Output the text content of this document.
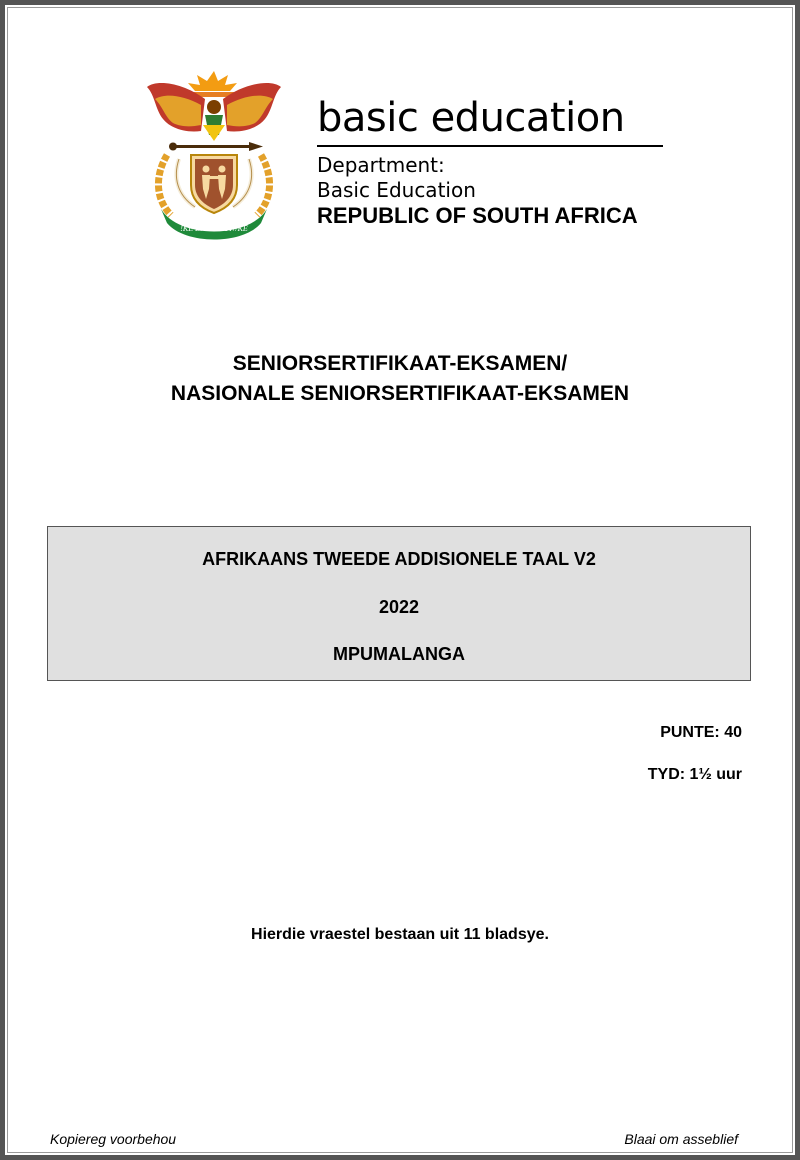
!KE E: /XARRA //KE
basic education
Department:
Basic Education
REPUBLIC OF SOUTH AFRICA
SENIORSERTIFIKAAT-EKSAMEN/
NASIONALE SENIORSERTIFIKAAT-EKSAMEN
AFRIKAANS TWEEDE ADDISIONELE TAAL V2
2022
MPUMALANGA
PUNTE: 40
TYD: 1½ uur
Hierdie vraestel bestaan uit 11 bladsye.
Kopiereg voorbehou	Blaai om asseblief
